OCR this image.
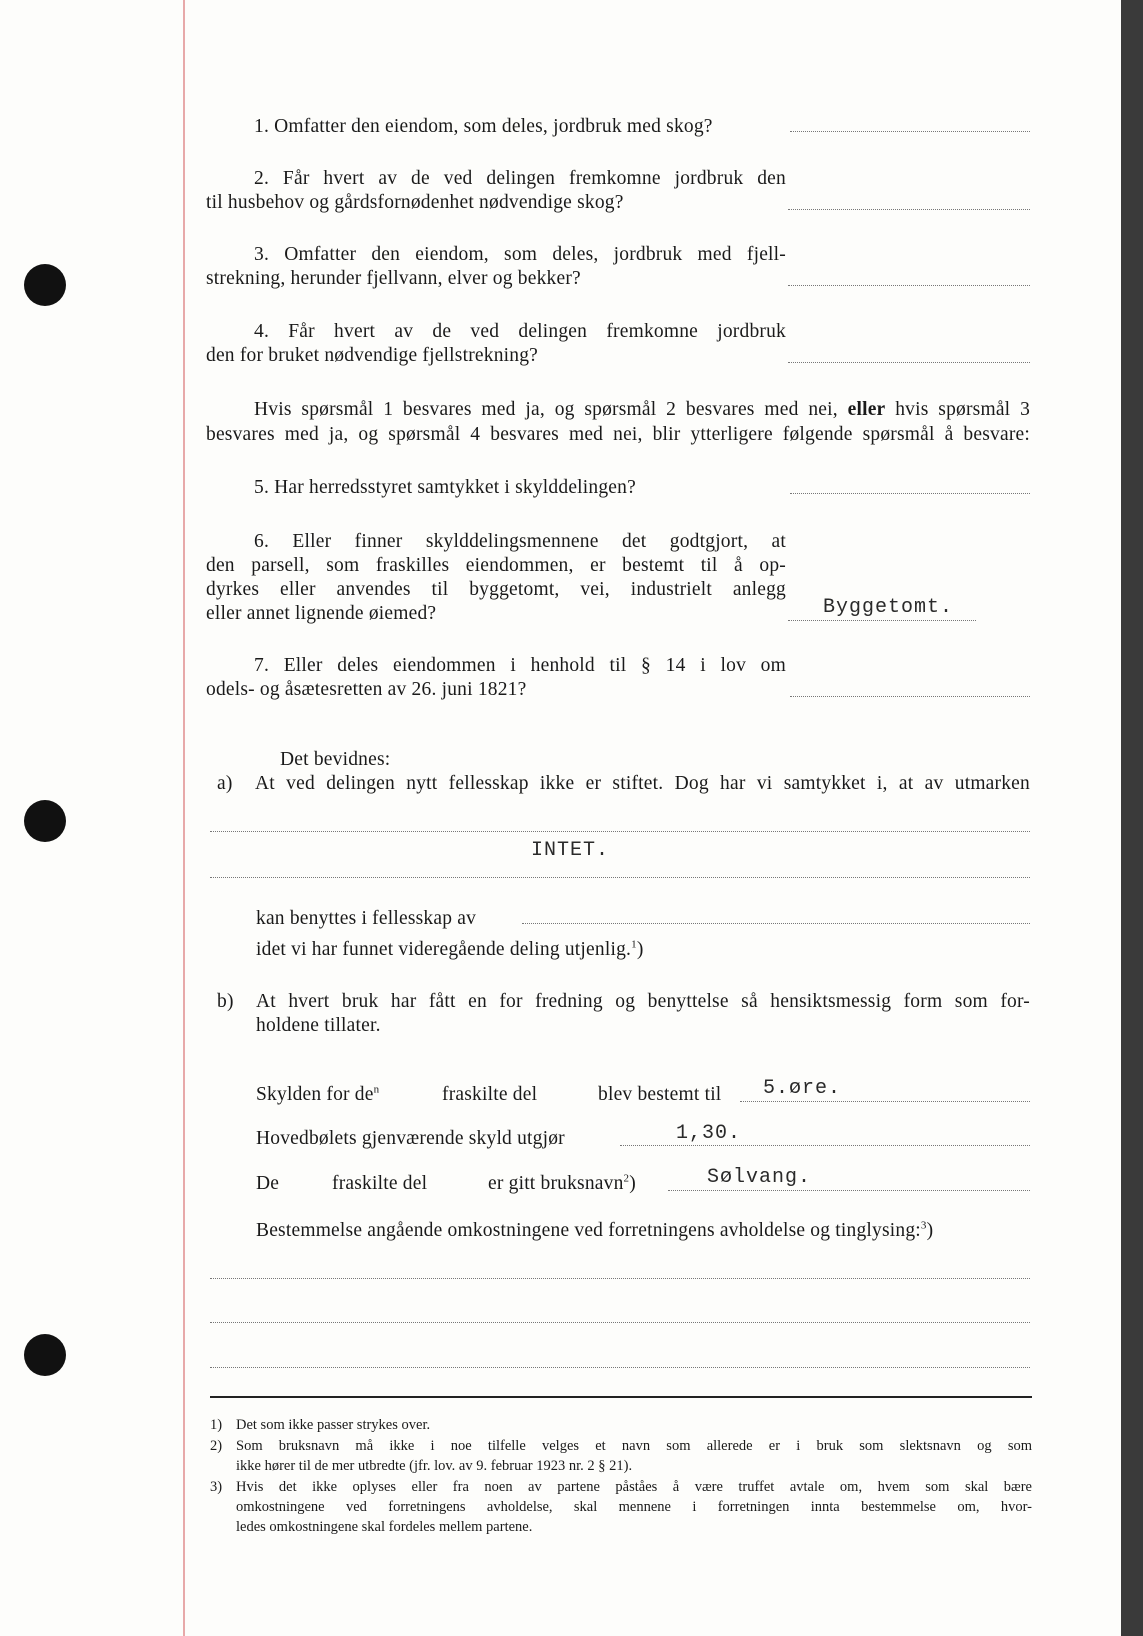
1. Omfatter den eiendom, som deles, jordbruk med skog?
2. Får hvert av de ved delingen fremkomne jordbruk den
til husbehov og gårdsfornødenhet nødvendige skog?
3. Omfatter den eiendom, som deles, jordbruk med fjell-
strekning, herunder fjellvann, elver og bekker?
4. Får hvert av de ved delingen fremkomne jordbruk
den for bruket nødvendige fjellstrekning?
Hvis spørsmål 1 besvares med ja, og spørsmål 2 besvares med nei, eller hvis spørsmål 3
besvares med ja, og spørsmål 4 besvares med nei, blir ytterligere følgende spørsmål å besvare:
5. Har herredsstyret samtykket i skylddelingen?
6. Eller finner skylddelingsmennene det godtgjort, at
den parsell, som fraskilles eiendommen, er bestemt til å op-
dyrkes eller anvendes til byggetomt, vei, industrielt anlegg
eller annet lignende øiemed?	Byggetomt.
7. Eller deles eiendommen i henhold til § 14 i lov om
odels- og åsætesretten av 26. juni 1821?
Det bevidnes:
a) At ved delingen nytt fellesskap ikke er stiftet. Dog har vi samtykket i, at av utmarken
INTET.
kan benyttes i fellesskap av
idet vi har funnet videregående deling utjenlig.$^1$)
b) At hvert bruk har fått en for fredning og benyttelse så hensiktsmessig form som for-
holdene tillater.
Skylden for $de^n$	fraskilte del	blev bestemt til 5.øre.
Hovedbølets gjenværende skyld utgjør	1,30.
De	fraskilte del	er gitt bruksnavn$^2$)	Sølvang.
Bestemmelse angående omkostningene ved forretningens avholdelse og tinglysing:$^3$)
1) Det som ikke passer strykes over.
2) Som bruksnavn må ikke i noe tilfelle velges et navn som allerede er i bruk som slektsnavn og som
ikke hører til de mer utbredte (jfr. lov. av 9. februar 1923 nr. 2 § 21).
3) Hvis det ikke oplyses eller fra noen av partene påståes å være truffet avtale om, hvem som skal bære
omkostningene ved forretningens avholdelse, skal mennene i forretningen innta bestemmelse om, hvor-
ledes omkostningene skal fordeles mellem partene.
